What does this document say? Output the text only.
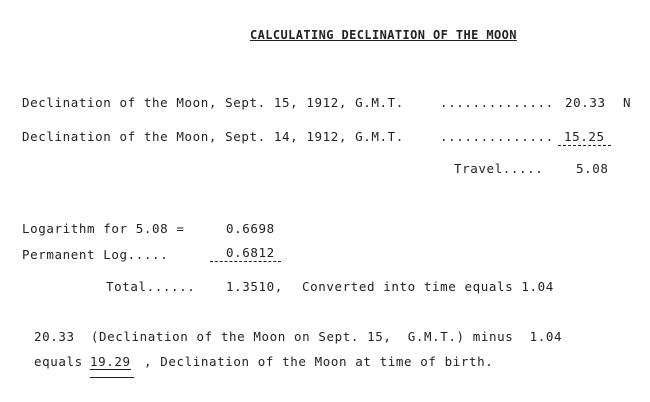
CALCULATING DECLINATION OF THE MOON
Declination of the Moon, Sept. 15, 1912, G.M.T.	.............. 20.33 N
Declination of the Moon, Sept. 14, 1912, G.M.T.	.............. 15.25
Travel.....	5.08
Logarithm for 5.08 =	0.6698
Permanent Log.....	0.6812
Total...... 1.3510, Converted into time equals 1.04
20.33  (Declination of the Moon on Sept. 15,  G.M.T.) minus  1.04
equals 19.29 , Declination of the Moon at time of birth.
